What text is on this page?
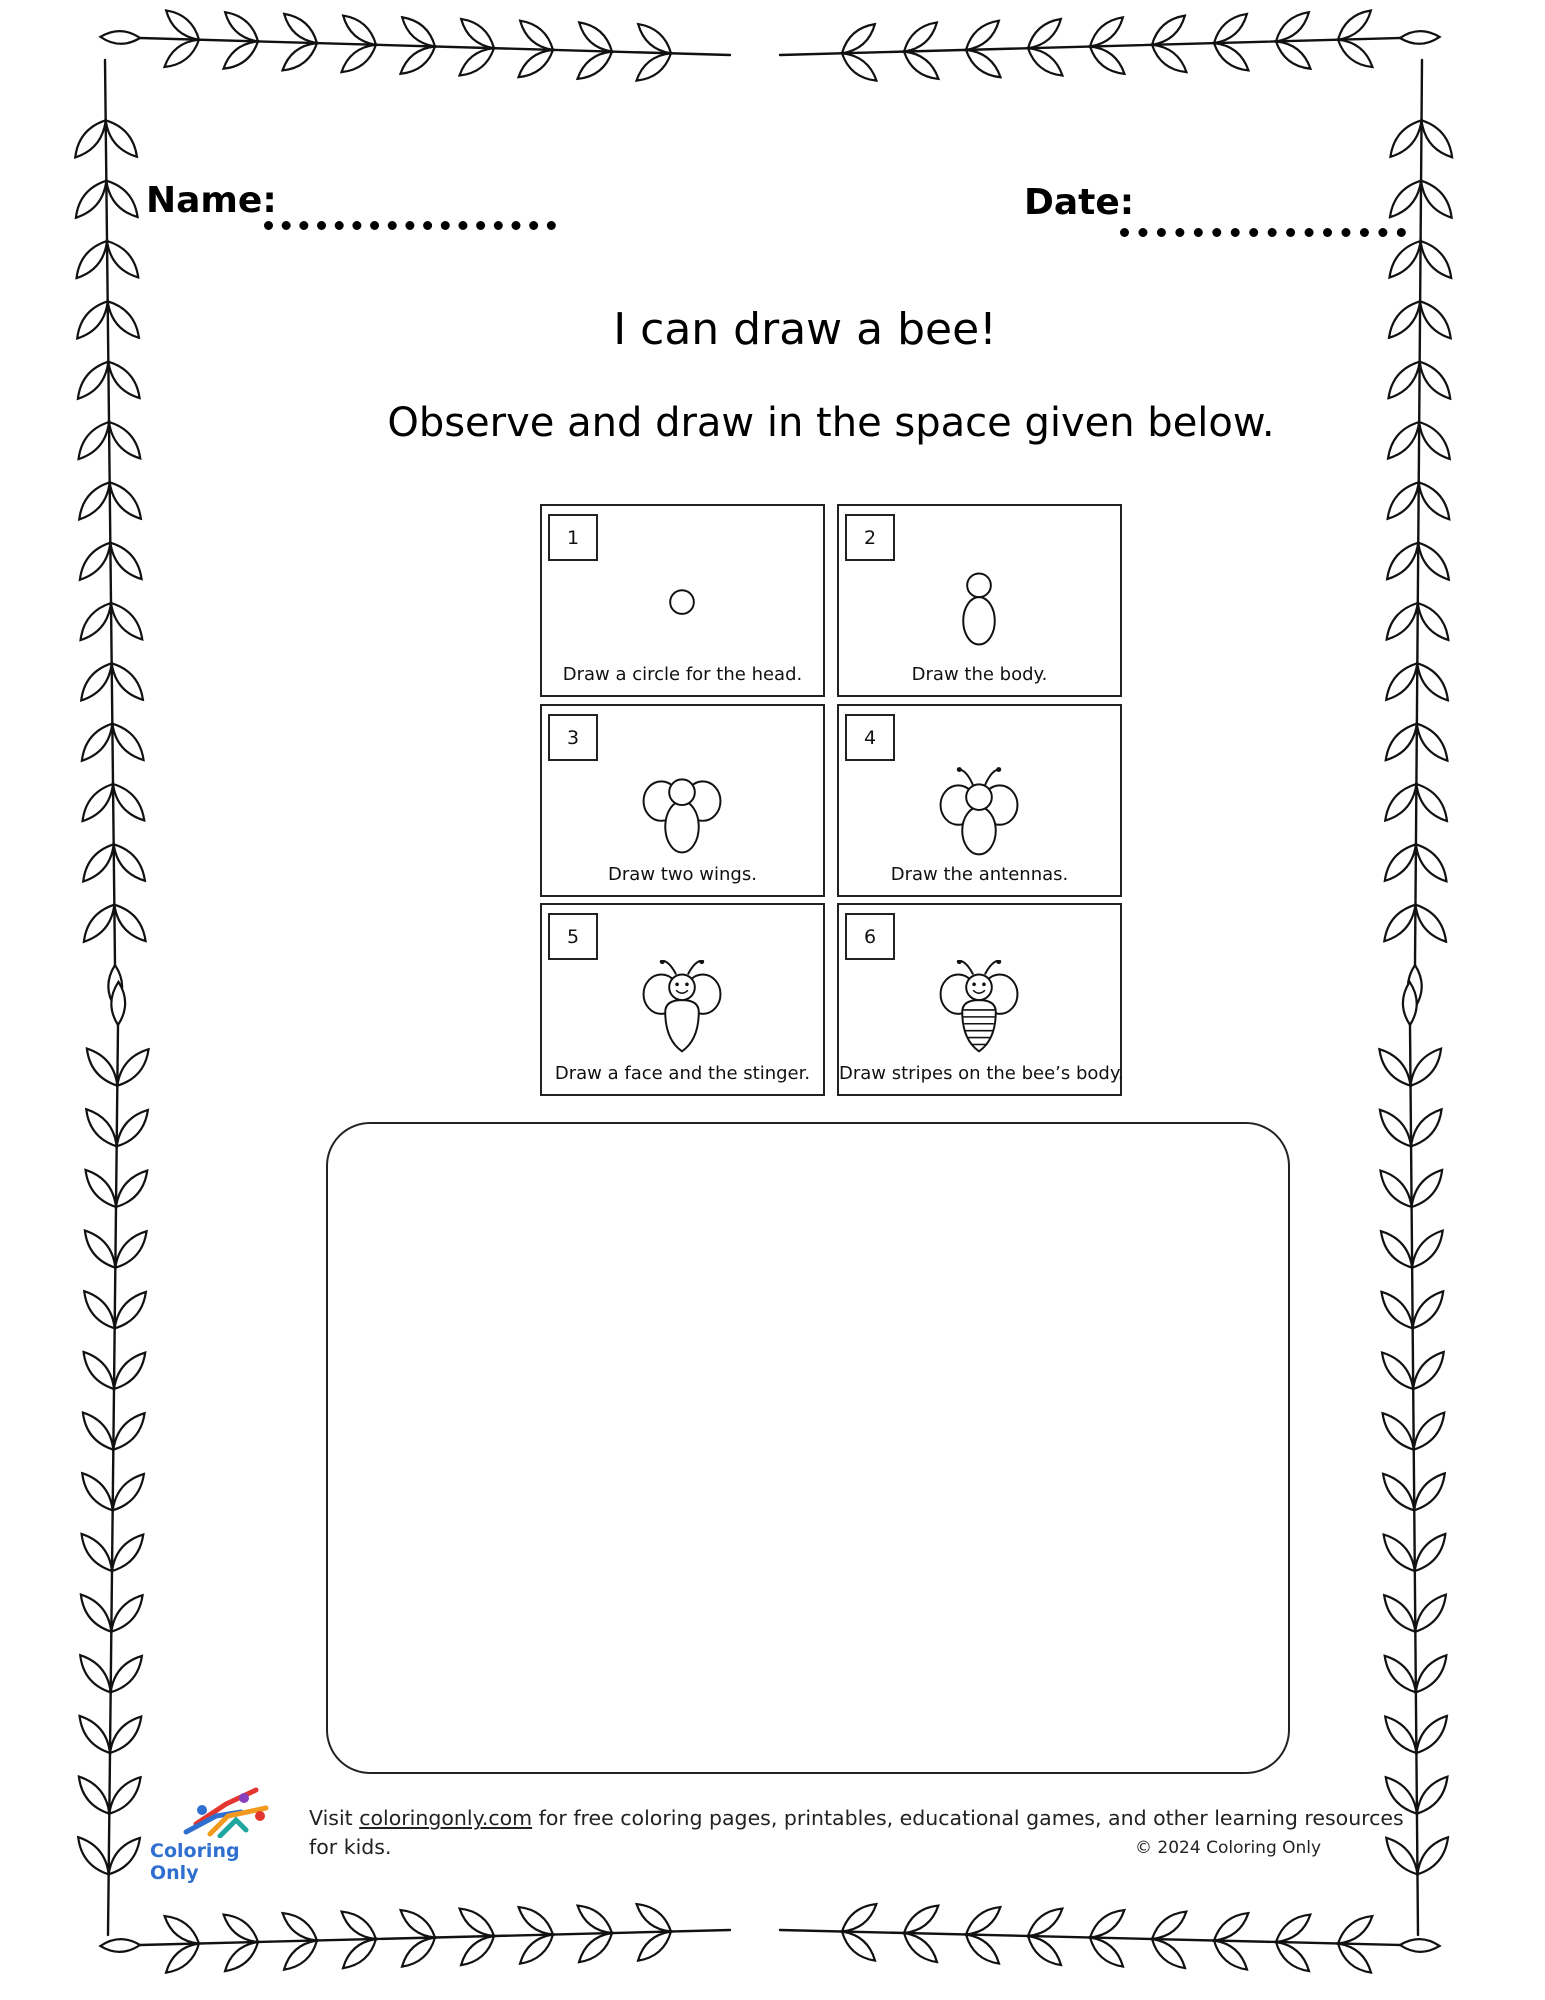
Name:	Date:
I can draw a bee!
Observe and draw in the space given below.
1
Draw a circle for the head.
2
Draw the body.
3
Draw two wings.
4
Draw the antennas.
5
Draw a face and the stinger.
6
Draw stripes on the bee’s body.
Coloring Only
Visit coloringonly.com for free coloring pages, printables, educational games, and other learning resources
for kids.	© 2024 Coloring Only
